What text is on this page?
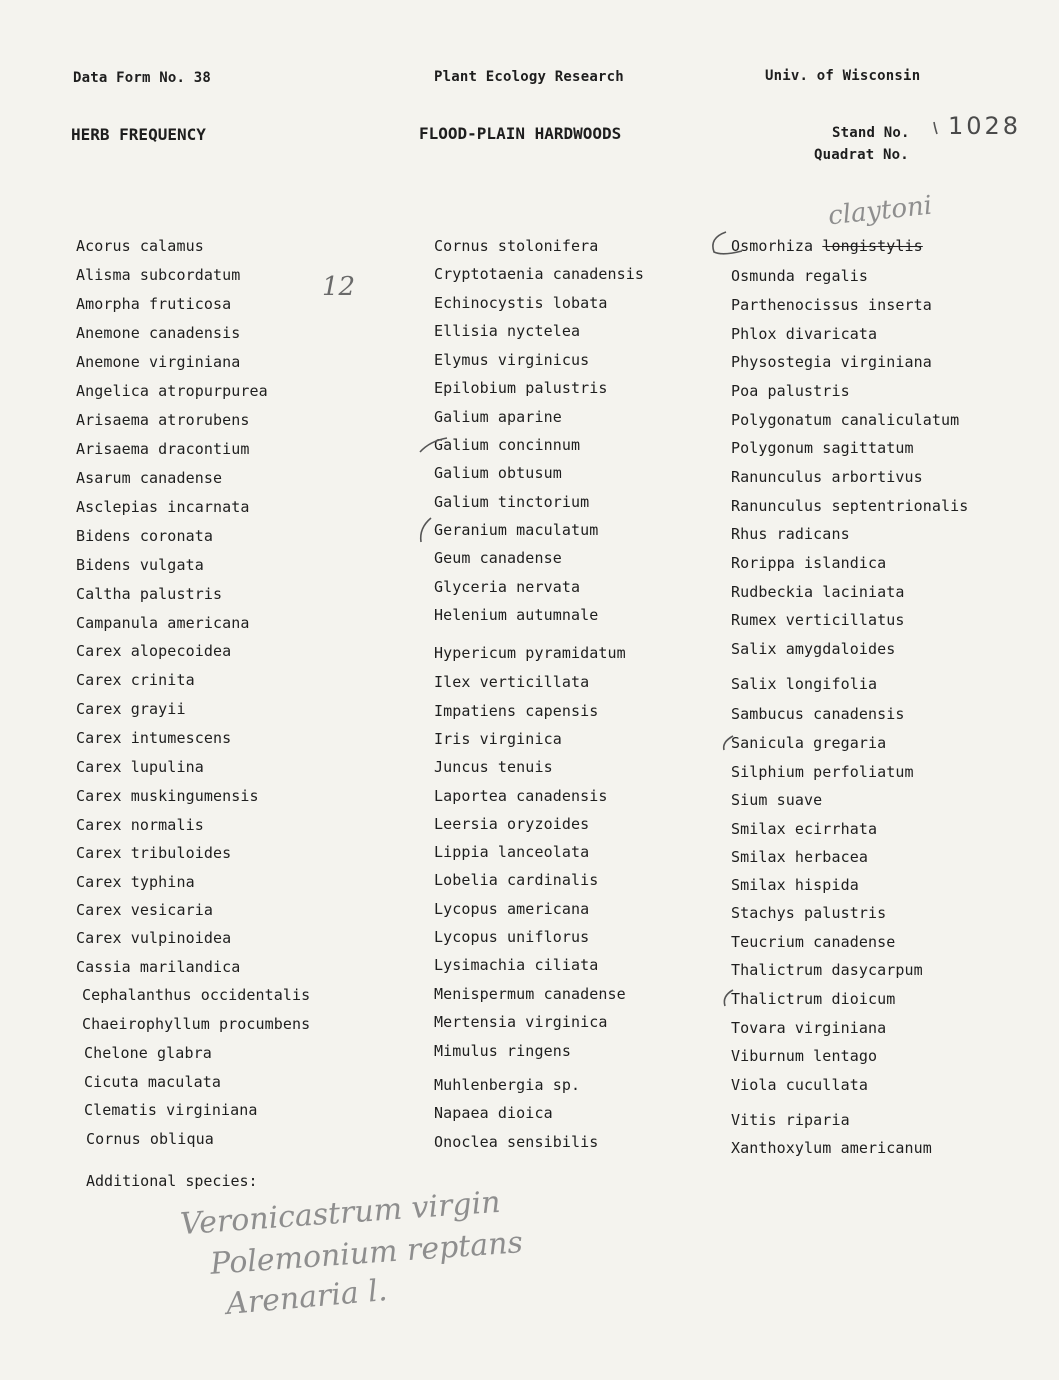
Data Form No. 38	Plant Ecology Research	Univ. of Wisconsin
HERB FREQUENCY	FLOOD-PLAIN HARDWOODS	Stand No.
Quadrat No.
1028
Acorus calamus
Alisma subcordatum
Amorpha fruticosa
Anemone canadensis
Anemone virginiana
Angelica atropurpurea
Arisaema atrorubens
Arisaema dracontium
Asarum canadense
Asclepias incarnata
Bidens coronata
Bidens vulgata
Caltha palustris
Campanula americana
Carex alopecoidea
Carex crinita
Carex grayii
Carex intumescens
Carex lupulina
Carex muskingumensis
Carex normalis
Carex tribuloides
Carex typhina
Carex vesicaria
Carex vulpinoidea
Cassia marilandica
Cephalanthus occidentalis
Chaeirophyllum procumbens
Chelone glabra
Cicuta maculata
Clematis virginiana
Cornus obliqua
Cornus stolonifera
Cryptotaenia canadensis
Echinocystis lobata
Ellisia nyctelea
Elymus virginicus
Epilobium palustris
Galium aparine
Galium concinnum
Galium obtusum
Galium tinctorium
Geranium maculatum
Geum canadense
Glyceria nervata
Helenium autumnale
Hypericum pyramidatum
Ilex verticillata
Impatiens capensis
Iris virginica
Juncus tenuis
Laportea canadensis
Leersia oryzoides
Lippia lanceolata
Lobelia cardinalis
Lycopus americana
Lycopus uniflorus
Lysimachia ciliata
Menispermum canadense
Mertensia virginica
Mimulus ringens
Muhlenbergia sp.
Napaea dioica
Onoclea sensibilis
Osmorhiza longistylis
Osmunda regalis
Parthenocissus inserta
Phlox divaricata
Physostegia virginiana
Poa palustris
Polygonatum canaliculatum
Polygonum sagittatum
Ranunculus arbortivus
Ranunculus septentrionalis
Rhus radicans
Rorippa islandica
Rudbeckia laciniata
Rumex verticillatus
Salix amygdaloides
Salix longifolia
Sambucus canadensis
Sanicula gregaria
Silphium perfoliatum
Sium suave
Smilax ecirrhata
Smilax herbacea
Smilax hispida
Stachys palustris
Teucrium canadense
Thalictrum dasycarpum
Thalictrum dioicum
Tovara virginiana
Viburnum lentago
Viola cucullata
Vitis riparia
Xanthoxylum americanum
Additional species:
12
claytoni
Veronicastrum virgin
Polemonium reptans
Arenaria l.
